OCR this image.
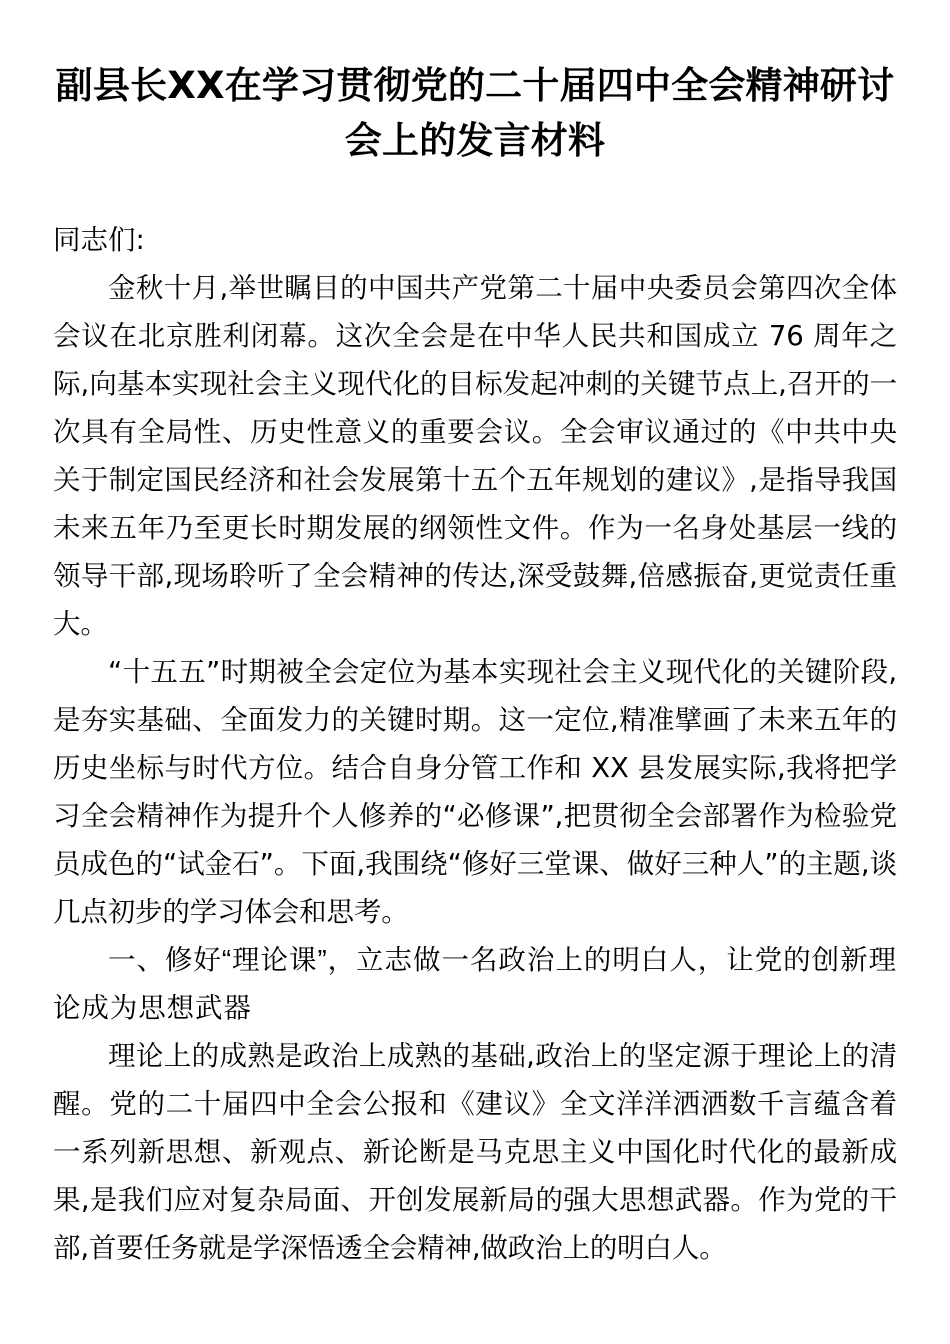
副县长XX在学习贯彻党的二十届四中全会精神研讨会上的发言材料

同志们:

金秋十月,举世瞩目的中国共产党第二十届中央委员会第四次全体会议在北京胜利闭幕。这次全会是在中华人民共和国成立 76 周年之际,向基本实现社会主义现代化的目标发起冲刺的关键节点上,召开的一次具有全局性、历史性意义的重要会议。全会审议通过的《中共中央关于制定国民经济和社会发展第十五个五年规划的建议》,是指导我国未来五年乃至更长时期发展的纲领性文件。作为一名身处基层一线的领导干部,现场聆听了全会精神的传达,深受鼓舞,倍感振奋,更觉责任重大。

“十五五”时期被全会定位为基本实现社会主义现代化的关键阶段,是夯实基础、全面发力的关键时期。这一定位,精准擘画了未来五年的历史坐标与时代方位。结合自身分管工作和 XX 县发展实际,我将把学习全会精神作为提升个人修养的“必修课”,把贯彻全会部署作为检验党员成色的“试金石”。下面,我围绕“修好三堂课、做好三种人”的主题,谈几点初步的学习体会和思考。

一、修好“理论课”，立志做一名政治上的明白人，让党的创新理论成为思想武器

理论上的成熟是政治上成熟的基础,政治上的坚定源于理论上的清醒。党的二十届四中全会公报和《建议》全文洋洋洒洒数千言蕴含着一系列新思想、新观点、新论断是马克思主义中国化时代化的最新成果,是我们应对复杂局面、开创发展新局的强大思想武器。作为党的干部,首要任务就是学深悟透全会精神,做政治上的明白人。
